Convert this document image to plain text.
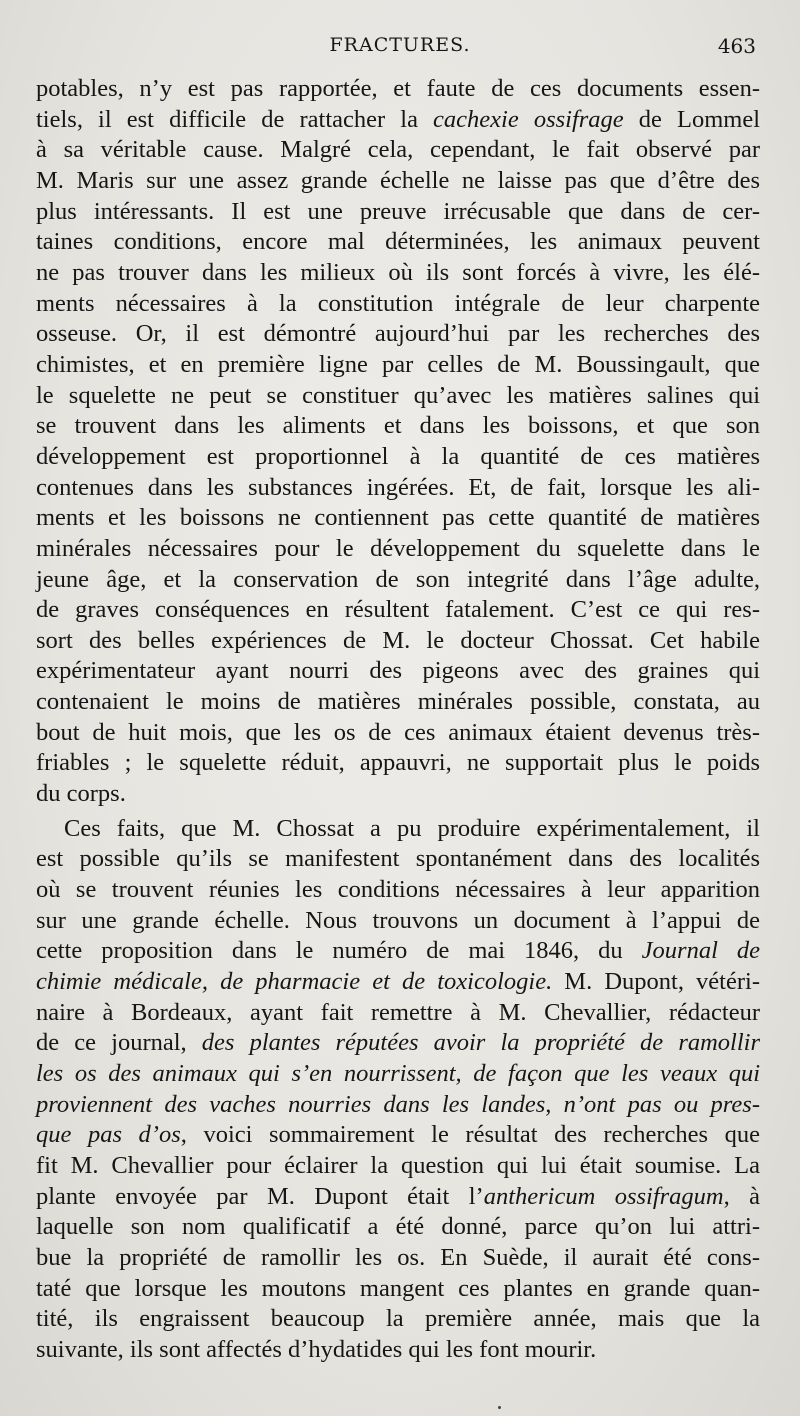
FRACTURES.	463
potables, n’y est pas rapportée, et faute de ces documents essen-
tiels, il est difficile de rattacher la cachexie ossifrage de Lommel
à sa véritable cause. Malgré cela, cependant, le fait observé par
M. Maris sur une assez grande échelle ne laisse pas que d’être des
plus intéressants. Il est une preuve irrécusable que dans de cer-
taines conditions, encore mal déterminées, les animaux peuvent
ne pas trouver dans les milieux où ils sont forcés à vivre, les élé-
ments nécessaires à la constitution intégrale de leur charpente
osseuse. Or, il est démontré aujourd’hui par les recherches des
chimistes, et en première ligne par celles de M. Boussingault, que
le squelette ne peut se constituer qu’avec les matières salines qui
se trouvent dans les aliments et dans les boissons, et que son
développement est proportionnel à la quantité de ces matières
contenues dans les substances ingérées. Et, de fait, lorsque les ali-
ments et les boissons ne contiennent pas cette quantité de matières
minérales nécessaires pour le développement du squelette dans le
jeune âge, et la conservation de son integrité dans l’âge adulte,
de graves conséquences en résultent fatalement. C’est ce qui res-
sort des belles expériences de M. le docteur Chossat. Cet habile
expérimentateur ayant nourri des pigeons avec des graines qui
contenaient le moins de matières minérales possible, constata, au
bout de huit mois, que les os de ces animaux étaient devenus très-
friables ; le squelette réduit, appauvri, ne supportait plus le poids
du corps.
Ces faits, que M. Chossat a pu produire expérimentalement, il
est possible qu’ils se manifestent spontanément dans des localités
où se trouvent réunies les conditions nécessaires à leur apparition
sur une grande échelle. Nous trouvons un document à l’appui de
cette proposition dans le numéro de mai 1846, du Journal de
chimie médicale, de pharmacie et de toxicologie. M. Dupont, vétéri-
naire à Bordeaux, ayant fait remettre à M. Chevallier, rédacteur
de ce journal, des plantes réputées avoir la propriété de ramollir
les os des animaux qui s’en nourrissent, de façon que les veaux qui
proviennent des vaches nourries dans les landes, n’ont pas ou pres-
que pas d’os, voici sommairement le résultat des recherches que
fit M. Chevallier pour éclairer la question qui lui était soumise. La
plante envoyée par M. Dupont était l’anthericum ossifragum, à
laquelle son nom qualificatif a été donné, parce qu’on lui attri-
bue la propriété de ramollir les os. En Suède, il aurait été cons-
taté que lorsque les moutons mangent ces plantes en grande quan-
tité, ils engraissent beaucoup la première année, mais que la
suivante, ils sont affectés d’hydatides qui les font mourir.
